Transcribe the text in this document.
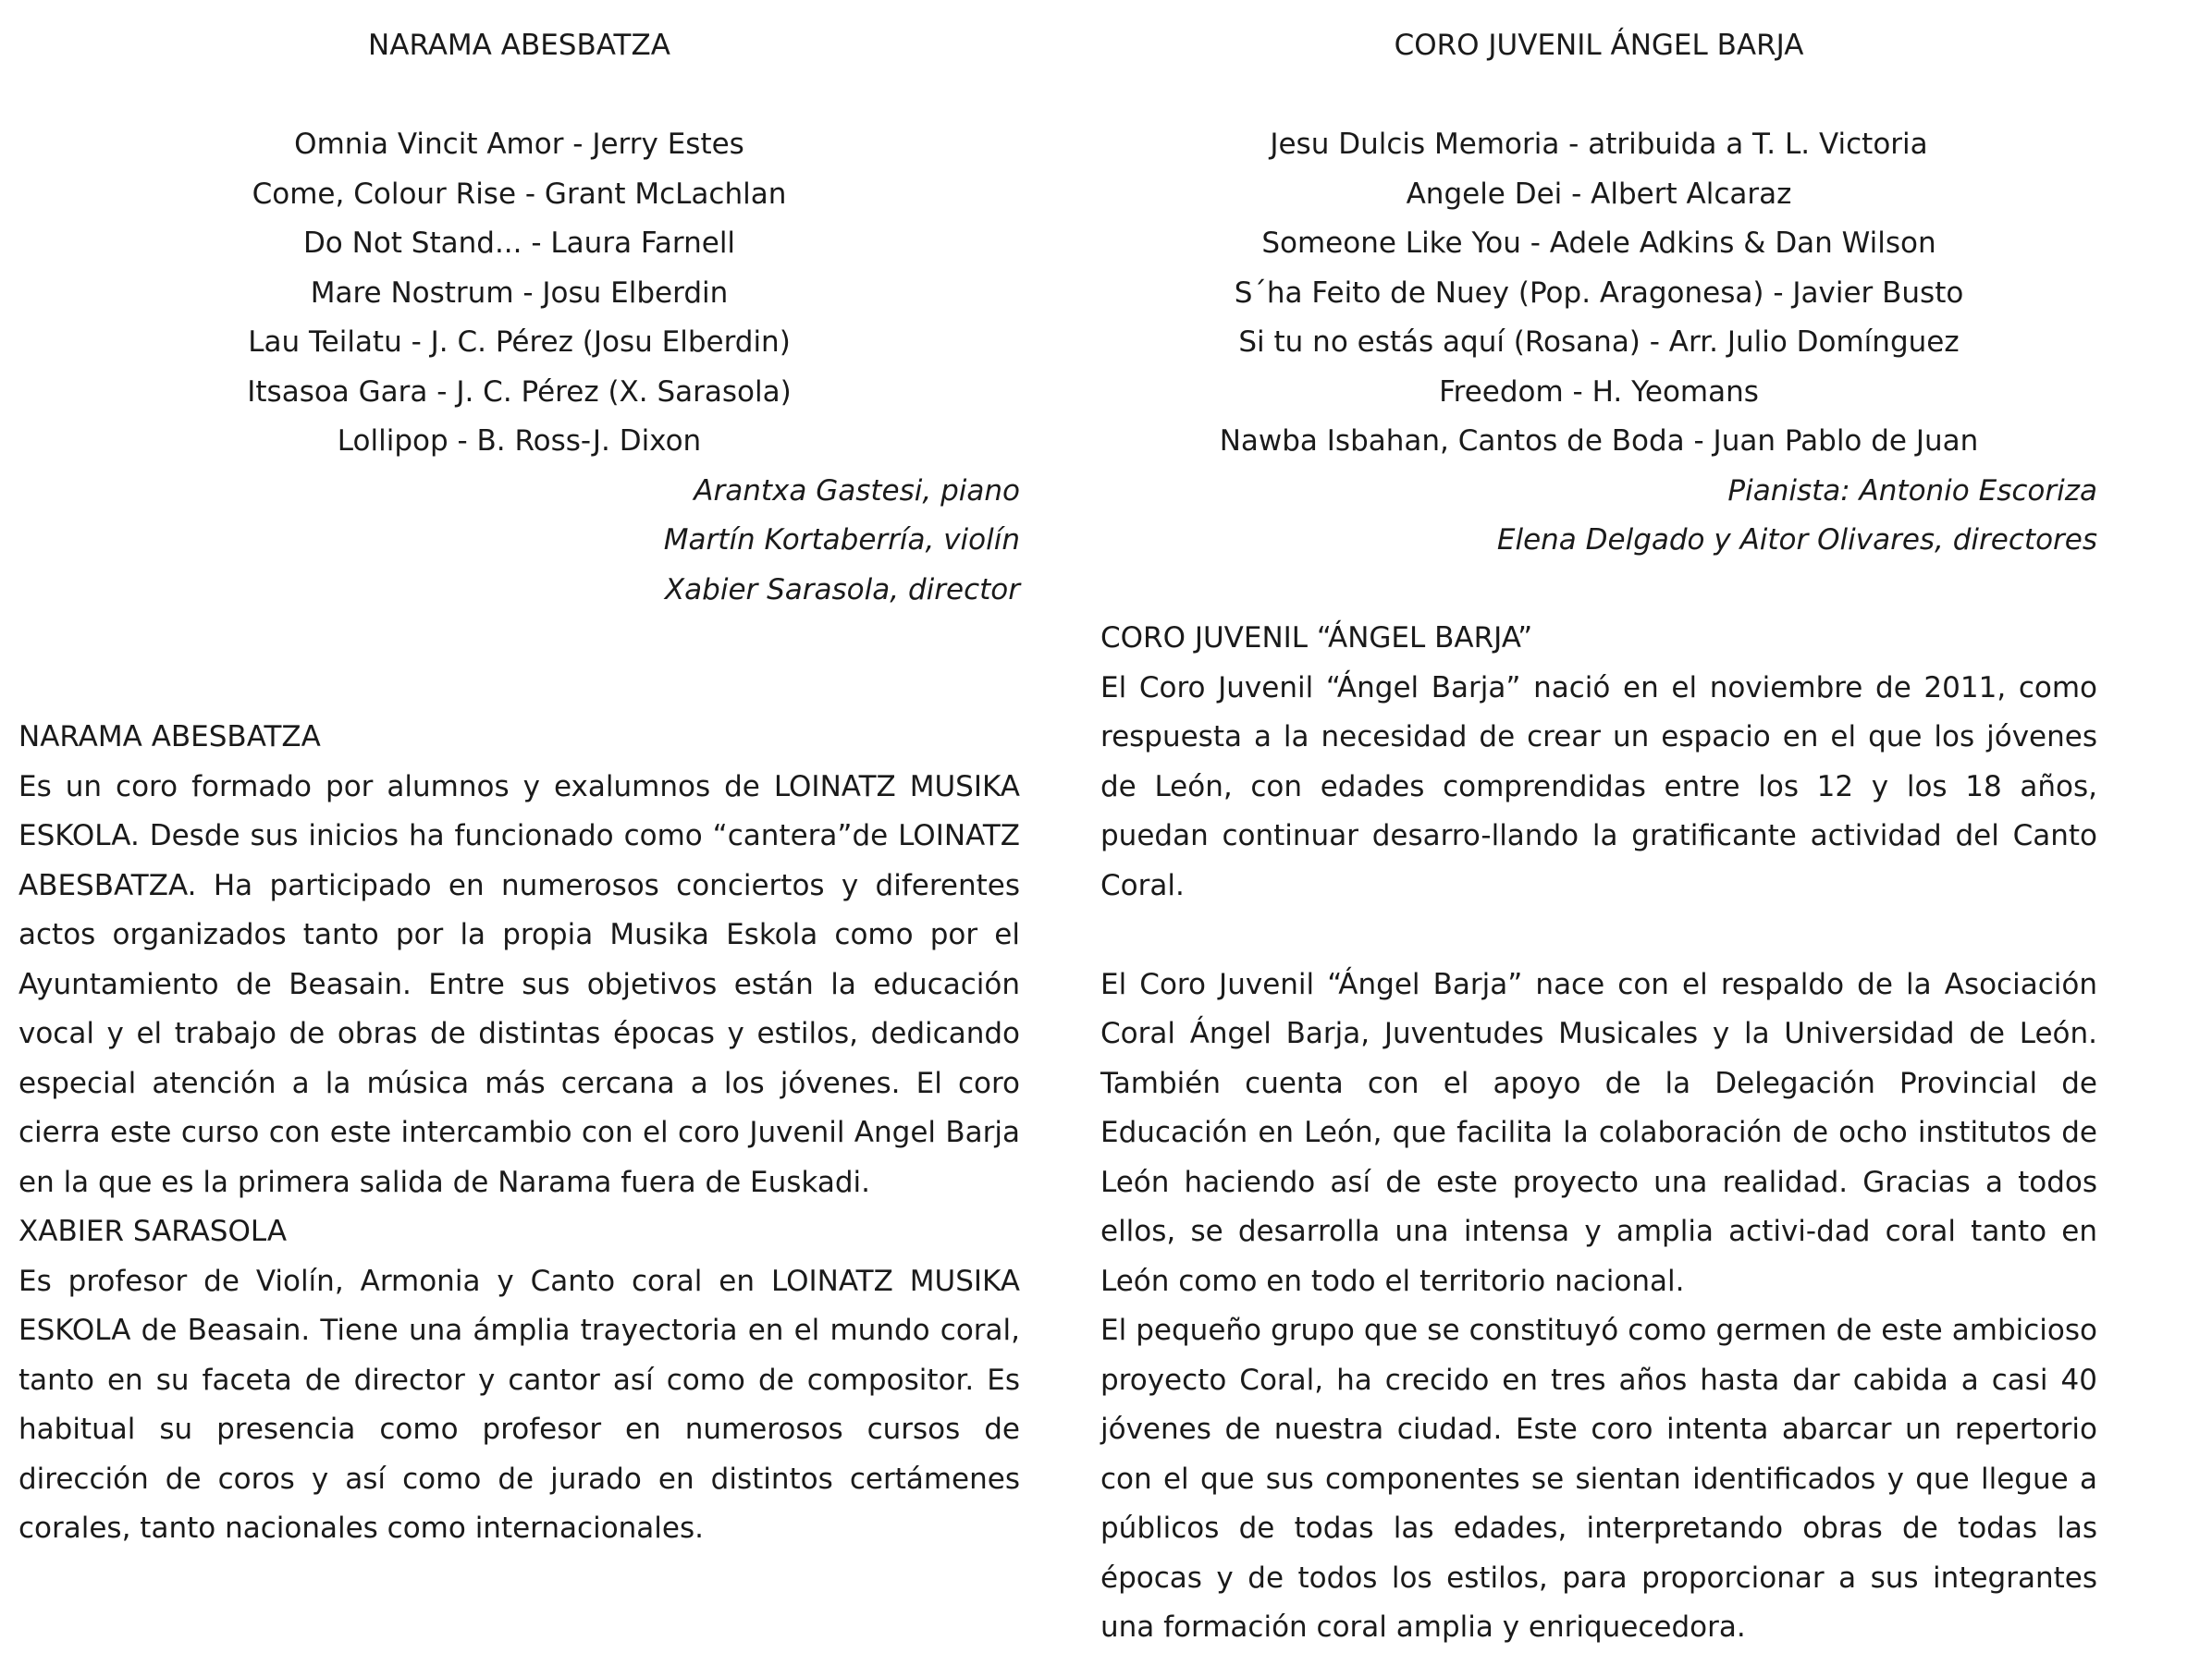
NARAMA ABESBATZA
Omnia Vincit Amor - Jerry Estes
Come, Colour Rise - Grant McLachlan
Do Not Stand... - Laura Farnell
Mare Nostrum - Josu Elberdin
Lau Teilatu - J. C. Pérez (Josu Elberdin)
Itsasoa Gara - J. C. Pérez (X. Sarasola)
Lollipop - B. Ross-J. Dixon
Arantxa Gastesi, piano
Martín Kortaberría, violín
Xabier Sarasola, director
NARAMA ABESBATZA

Es un coro formado por alumnos y exalumnos de LOINATZ MUSIKA ESKOLA. Desde sus inicios ha funcionado como “cantera”de LOINATZ ABESBATZA. Ha participado en numerosos conciertos y diferentes actos organizados tanto por la propia Musika Eskola como por el Ayuntamiento de Beasain. Entre sus objetivos están la educación vocal y el trabajo de obras de distintas épocas y estilos, dedicando especial atención a la música más cercana a los jóvenes. El coro cierra este curso con este intercambio con el coro Juvenil Angel Barja en la que es la primera salida de Narama fuera de Euskadi.

XABIER SARASOLA

Es profesor de Violín, Armonia y Canto coral en LOINATZ MUSIKA ESKOLA de Beasain. Tiene una ámplia trayectoria en el mundo coral, tanto en su faceta de director y cantor así como de compositor. Es habitual su presencia como profesor en numerosos cursos de dirección de coros y así como de jurado en distintos certámenes corales, tanto nacionales como internacionales.

CORO JUVENIL ÁNGEL BARJA
Jesu Dulcis Memoria - atribuida a T. L. Victoria
Angele Dei - Albert Alcaraz
Someone Like You - Adele Adkins & Dan Wilson
S´ha Feito de Nuey (Pop. Aragonesa) - Javier Busto
Si tu no estás aquí (Rosana) - Arr. Julio Domínguez
Freedom - H. Yeomans
Nawba Isbahan, Cantos de Boda - Juan Pablo de Juan
Pianista: Antonio Escoriza
Elena Delgado y Aitor Olivares, directores
CORO JUVENIL “ÁNGEL BARJA”

El Coro Juvenil “Ángel Barja” nació en el noviembre de 2011, como respuesta a la necesidad de crear un espacio en el que los jóvenes de León, con edades comprendidas entre los 12 y los 18 años, puedan continuar desarro-llando la gratificante actividad del Canto Coral.

El Coro Juvenil “Ángel Barja” nace con el respaldo de la Asociación Coral Ángel Barja, Juventudes Musicales y la Universidad de León. También cuenta con el apoyo de la Delegación Provincial de Educación en León, que facilita la colaboración de ocho institutos de León haciendo así de este proyecto una realidad. Gracias a todos ellos, se desarrolla una intensa y amplia activi-dad coral tanto en León como en todo el territorio nacional.

El pequeño grupo que se constituyó como germen de este ambicioso proyecto Coral, ha crecido en tres años hasta dar cabida a casi 40 jóvenes de nuestra ciudad. Este coro intenta abarcar un repertorio con el que sus componentes se sientan identificados y que llegue a públicos de todas las edades, interpretando obras de todas las épocas y de todos los estilos, para proporcionar a sus integrantes una formación coral amplia y enriquecedora.
